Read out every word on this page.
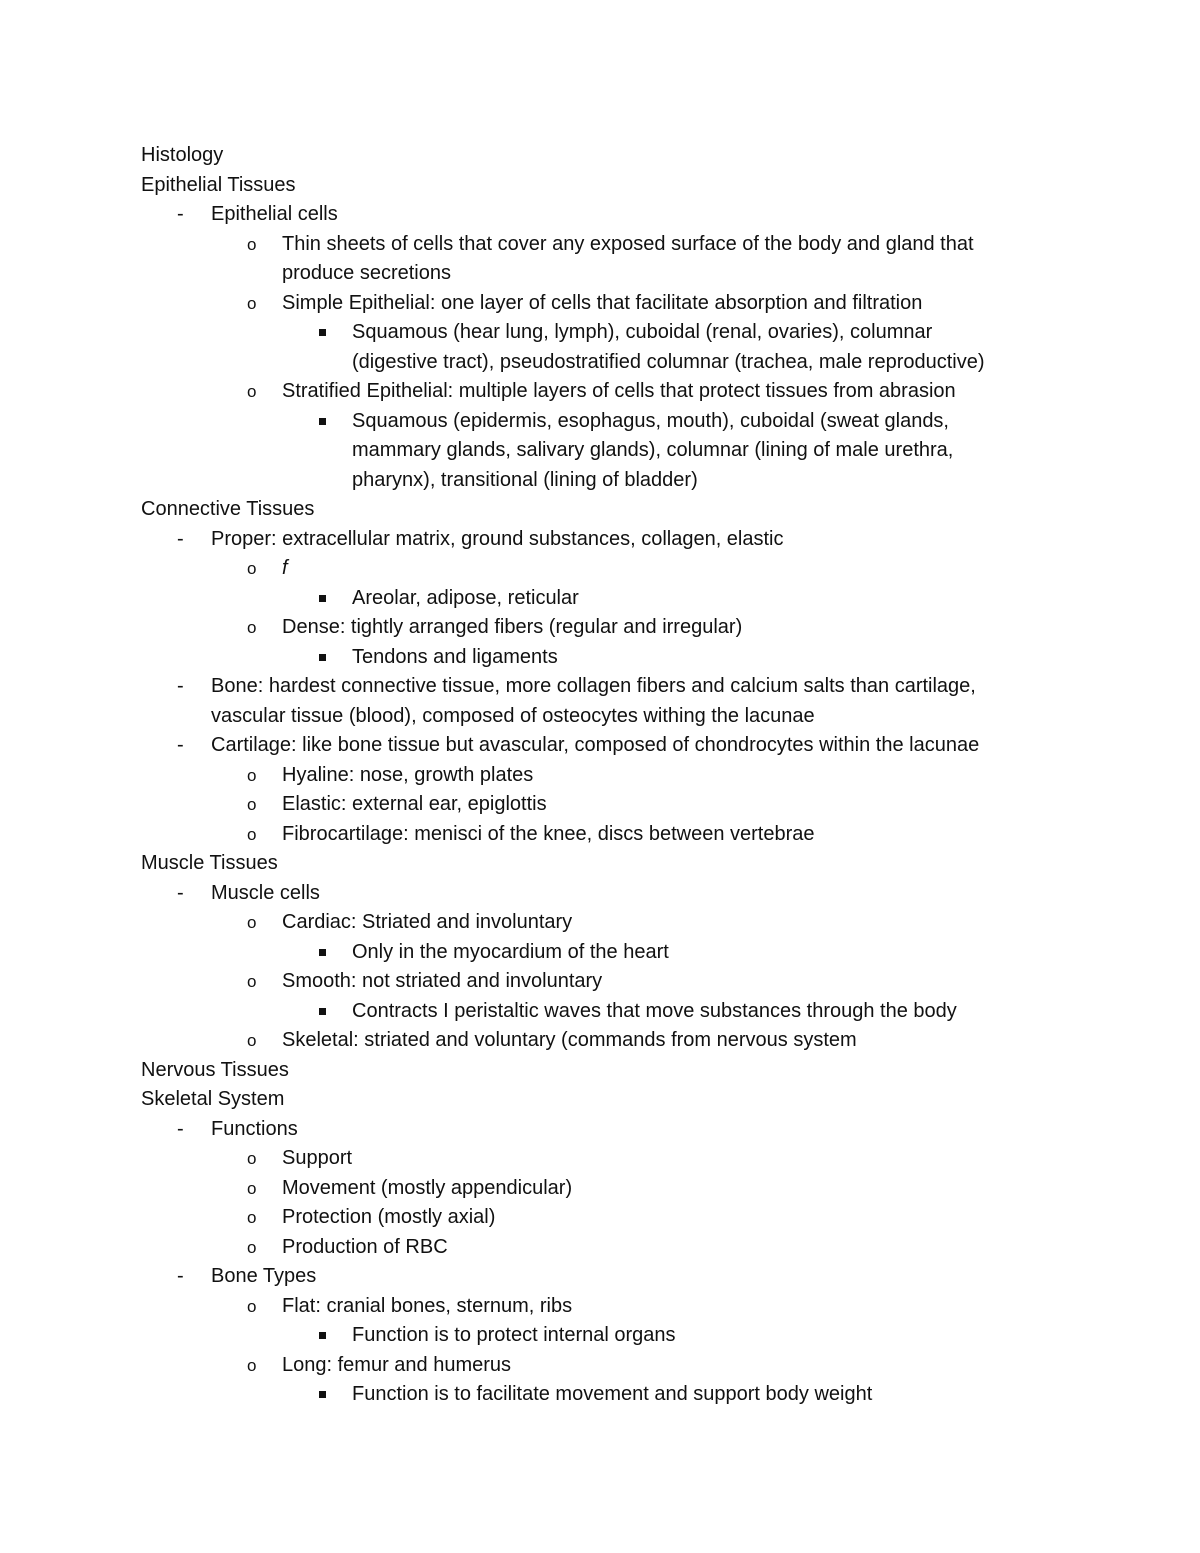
Histology
Epithelial Tissues
- Epithelial cells
o Thin sheets of cells that cover any exposed surface of the body and gland that
produce secretions
o Simple Epithelial: one layer of cells that facilitate absorption and filtration
Squamous (hear lung, lymph), cuboidal (renal, ovaries), columnar
(digestive tract), pseudostratified columnar (trachea, male reproductive)
o Stratified Epithelial: multiple layers of cells that protect tissues from abrasion
Squamous (epidermis, esophagus, mouth), cuboidal (sweat glands,
mammary glands, salivary glands), columnar (lining of male urethra,
pharynx), transitional (lining of bladder)
Connective Tissues
- Proper: extracellular matrix, ground substances, collagen, elastic
o f
Areolar, adipose, reticular
o Dense: tightly arranged fibers (regular and irregular)
Tendons and ligaments
- Bone: hardest connective tissue, more collagen fibers and calcium salts than cartilage,
vascular tissue (blood), composed of osteocytes withing the lacunae
- Cartilage: like bone tissue but avascular, composed of chondrocytes within the lacunae
o Hyaline: nose, growth plates
o Elastic: external ear, epiglottis
o Fibrocartilage: menisci of the knee, discs between vertebrae
Muscle Tissues
- Muscle cells
o Cardiac: Striated and involuntary
Only in the myocardium of the heart
o Smooth: not striated and involuntary
Contracts I peristaltic waves that move substances through the body
o Skeletal: striated and voluntary (commands from nervous system
Nervous Tissues
Skeletal System
- Functions
o Support
o Movement (mostly appendicular)
o Protection (mostly axial)
o Production of RBC
- Bone Types
o Flat: cranial bones, sternum, ribs
Function is to protect internal organs
o Long: femur and humerus
Function is to facilitate movement and support body weight
